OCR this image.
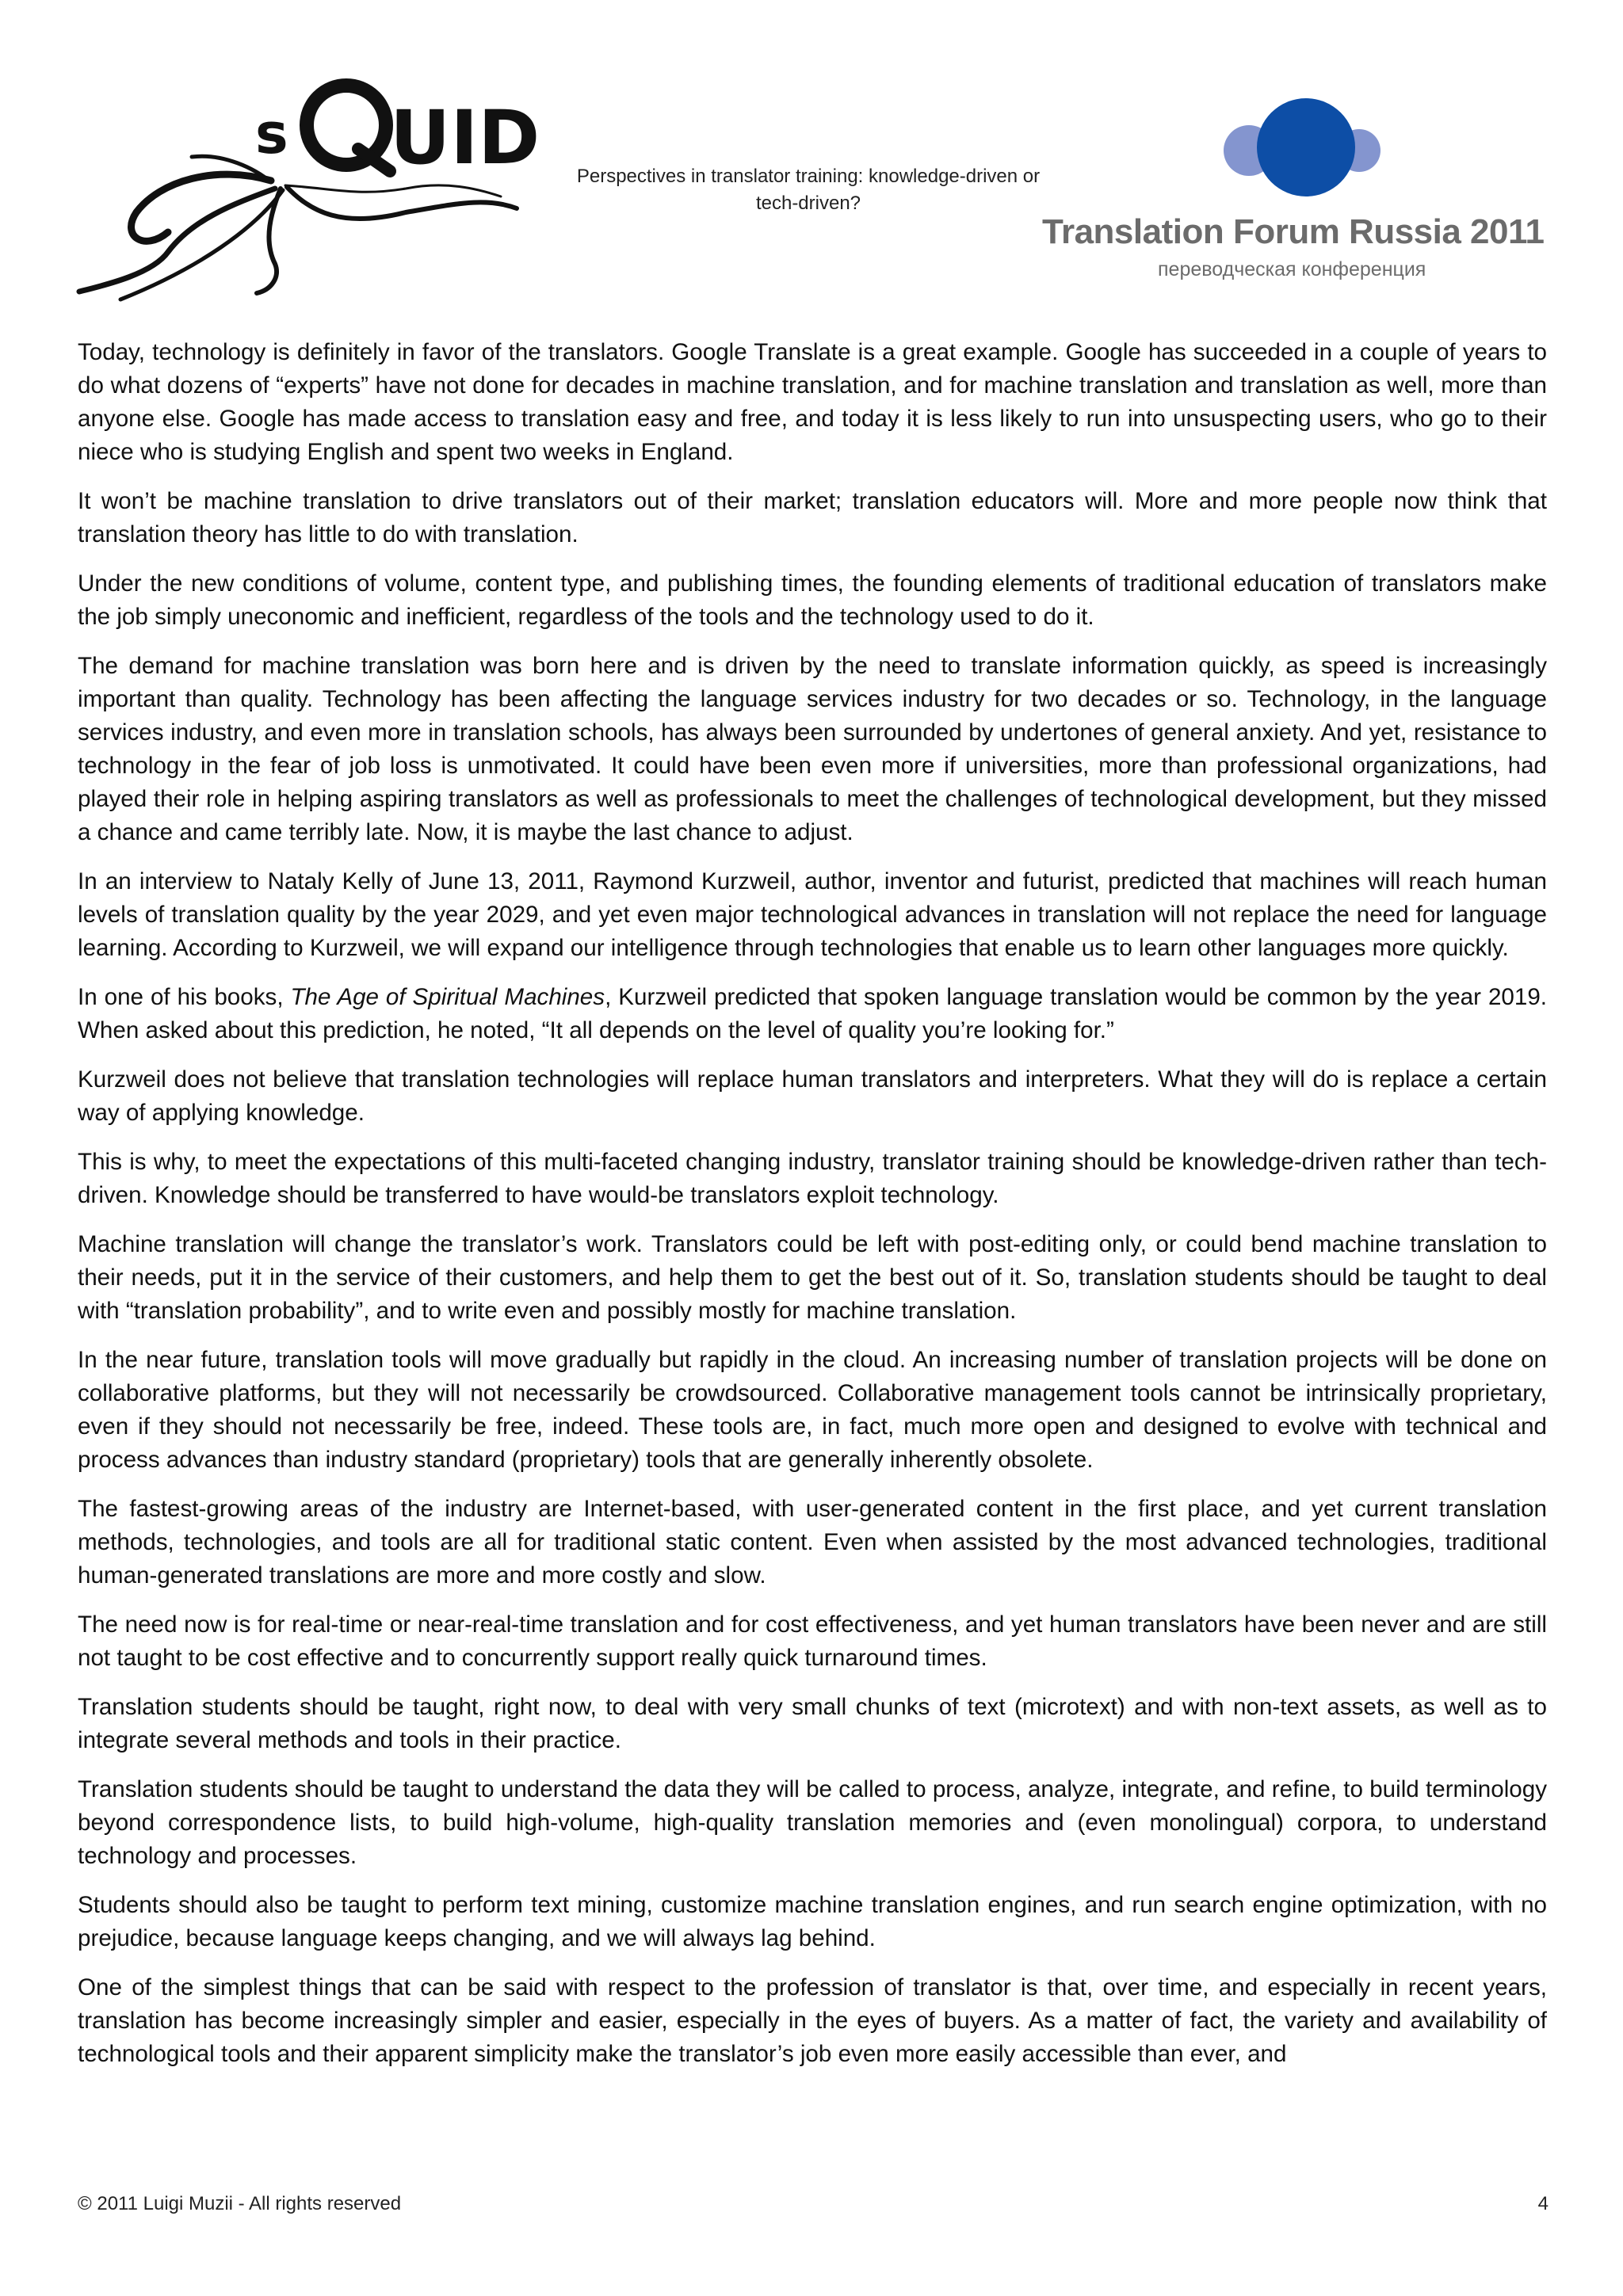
s UID	Perspectives in translator training: knowledge-driven or tech-driven?
Translation Forum Russia 2011
переводческая конференция

Today, technology is definitely in favor of the translators. Google Translate is a great example. Google has succeeded in a couple of years to do what dozens of “experts” have not done for decades in machine translation, and for machine translation and translation as well, more than anyone else. Google has made access to translation easy and free, and today it is less likely to run into unsuspecting users, who go to their niece who is studying English and spent two weeks in England.

It won’t be machine translation to drive translators out of their market; translation educators will. More and more people now think that translation theory has little to do with translation.

Under the new conditions of volume, content type, and publishing times, the founding elements of traditional education of translators make the job simply uneconomic and inefficient, regardless of the tools and the technology used to do it.

The demand for machine translation was born here and is driven by the need to translate information quickly, as speed is increasingly important than quality. Technology has been affecting the language services industry for two decades or so. Technology, in the language services industry, and even more in translation schools, has always been surrounded by undertones of general anxiety. And yet, resistance to technology in the fear of job loss is unmotivated. It could have been even more if universities, more than professional organizations, had played their role in helping aspiring translators as well as professionals to meet the challenges of technological development, but they missed a chance and came terribly late. Now, it is maybe the last chance to adjust.

In an interview to Nataly Kelly of June 13, 2011, Raymond Kurzweil, author, inventor and futurist, predicted that machines will reach human levels of translation quality by the year 2029, and yet even major technological advances in translation will not replace the need for language learning. According to Kurzweil, we will expand our intelligence through technologies that enable us to learn other languages more quickly.

In one of his books, The Age of Spiritual Machines, Kurzweil predicted that spoken language translation would be common by the year 2019. When asked about this prediction, he noted, “It all depends on the level of quality you’re looking for.”

Kurzweil does not believe that translation technologies will replace human translators and interpreters. What they will do is replace a certain way of applying knowledge.

This is why, to meet the expectations of this multi-faceted changing industry, translator training should be knowledge-driven rather than tech-driven. Knowledge should be transferred to have would-be translators exploit technology.

Machine translation will change the translator’s work. Translators could be left with post-editing only, or could bend machine translation to their needs, put it in the service of their customers, and help them to get the best out of it. So, translation students should be taught to deal with “translation probability”, and to write even and possibly mostly for machine translation.

In the near future, translation tools will move gradually but rapidly in the cloud. An increasing number of translation projects will be done on collaborative platforms, but they will not necessarily be crowdsourced. Collaborative management tools cannot be intrinsically proprietary, even if they should not necessarily be free, indeed. These tools are, in fact, much more open and designed to evolve with technical and process advances than industry standard (proprietary) tools that are generally inherently obsolete.

The fastest-growing areas of the industry are Internet-based, with user-generated content in the first place, and yet current translation methods, technologies, and tools are all for traditional static content. Even when assisted by the most advanced technologies, traditional human-generated translations are more and more costly and slow.

The need now is for real-time or near-real-time translation and for cost effectiveness, and yet human translators have been never and are still not taught to be cost effective and to concurrently support really quick turnaround times.

Translation students should be taught, right now, to deal with very small chunks of text (microtext) and with non-text assets, as well as to integrate several methods and tools in their practice.

Translation students should be taught to understand the data they will be called to process, analyze, integrate, and refine, to build terminology beyond correspondence lists, to build high-volume, high-quality translation memories and (even monolingual) corpora, to understand technology and processes.

Students should also be taught to perform text mining, customize machine translation engines, and run search engine optimization, with no prejudice, because language keeps changing, and we will always lag behind.

One of the simplest things that can be said with respect to the profession of translator is that, over time, and especially in recent years, translation has become increasingly simpler and easier, especially in the eyes of buyers. As a matter of fact, the variety and availability of technological tools and their apparent simplicity make the translator’s job even more easily accessible than ever, and

© 2011 Luigi Muzii - All rights reserved	4
